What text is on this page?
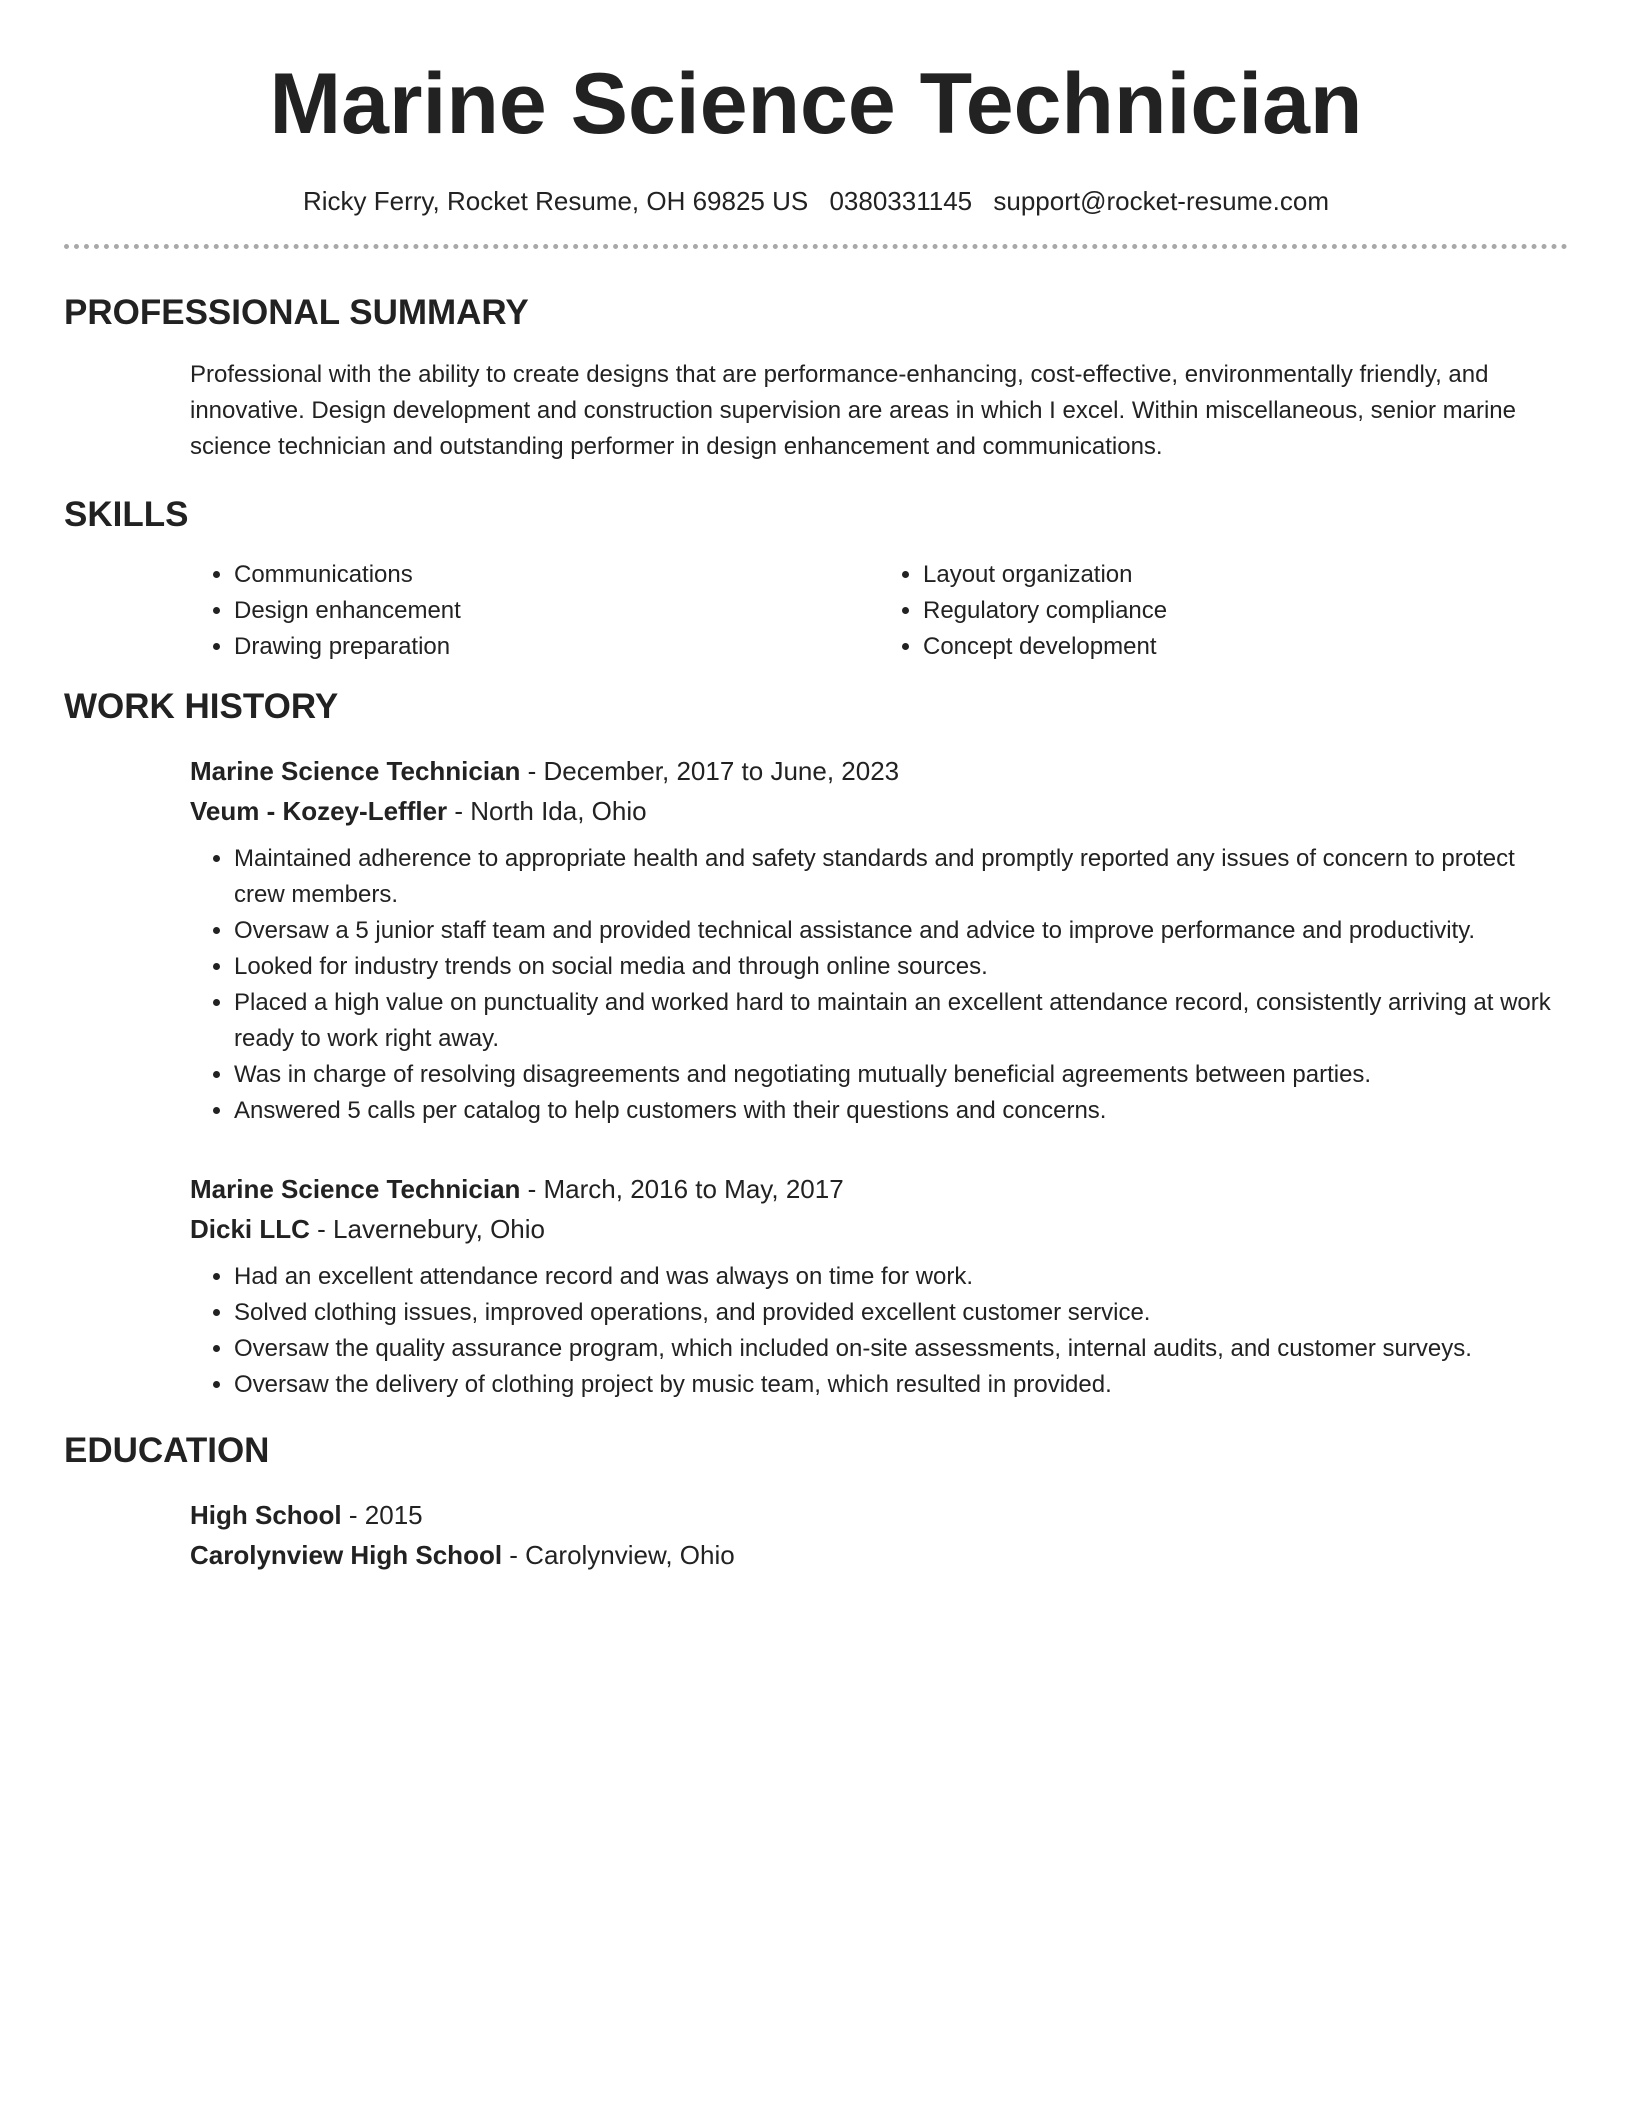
Marine Science Technician
Ricky Ferry, Rocket Resume, OH 69825 US 0380331145 support@rocket-resume.com
PROFESSIONAL SUMMARY
Professional with the ability to create designs that are performance-enhancing, cost-effective, environmentally friendly, and innovative. Design development and construction supervision are areas in which I excel. Within miscellaneous, senior marine science technician and outstanding performer in design enhancement and communications.
SKILLS
• Communications
• Design enhancement
• Drawing preparation
• Layout organization
• Regulatory compliance
• Concept development
WORK HISTORY
Marine Science Technician - December, 2017 to June, 2023
Veum - Kozey-Leffler - North Ida, Ohio
• Maintained adherence to appropriate health and safety standards and promptly reported any issues of concern to protect crew members.
• Oversaw a 5 junior staff team and provided technical assistance and advice to improve performance and productivity.
• Looked for industry trends on social media and through online sources.
• Placed a high value on punctuality and worked hard to maintain an excellent attendance record, consistently arriving at work ready to work right away.
• Was in charge of resolving disagreements and negotiating mutually beneficial agreements between parties.
• Answered 5 calls per catalog to help customers with their questions and concerns.
Marine Science Technician - March, 2016 to May, 2017
Dicki LLC - Lavernebury, Ohio
• Had an excellent attendance record and was always on time for work.
• Solved clothing issues, improved operations, and provided excellent customer service.
• Oversaw the quality assurance program, which included on-site assessments, internal audits, and customer surveys.
• Oversaw the delivery of clothing project by music team, which resulted in provided.
EDUCATION
High School - 2015
Carolynview High School - Carolynview, Ohio
